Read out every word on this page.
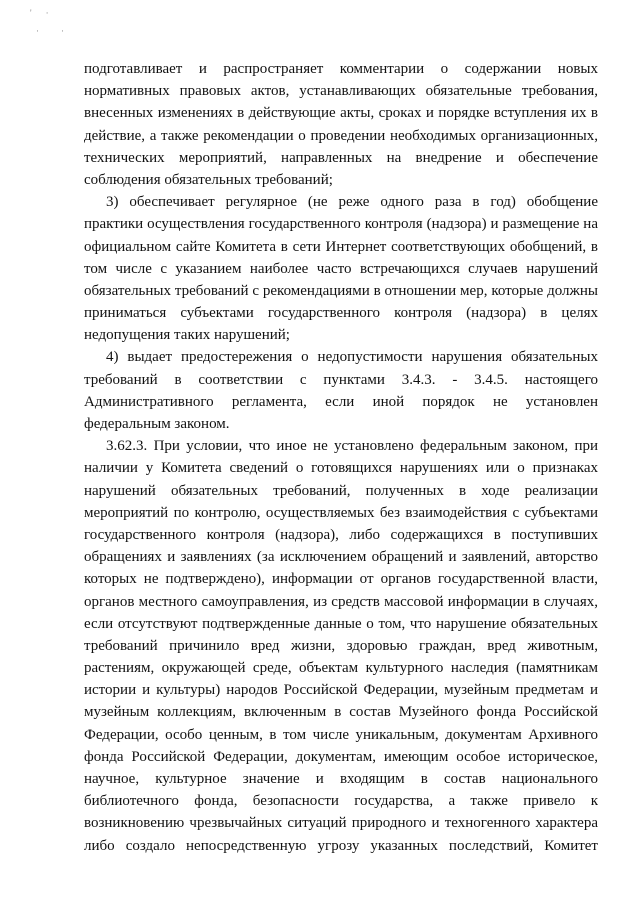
'·
··
подготавливает и распространяет комментарии о содержании новых
нормативных правовых актов, устанавливающих обязательные требования,
внесенных изменениях в действующие акты, сроках и порядке вступления их в
действие, а также рекомендации о проведении необходимых организационных,
технических мероприятий, направленных на внедрение и обеспечение
соблюдения обязательных требований;
3) обеспечивает регулярное (не реже одного раза в год) обобщение
практики осуществления государственного контроля (надзора) и размещение на
официальном сайте Комитета в сети Интернет соответствующих обобщений, в
том числе с указанием наиболее часто встречающихся случаев нарушений
обязательных требований с рекомендациями в отношении мер, которые должны
приниматься субъектами государственного контроля (надзора) в целях
недопущения таких нарушений;
4) выдает предостережения о недопустимости нарушения обязательных
требований в соответствии с пунктами 3.4.3. - 3.4.5. настоящего
Административного регламента, если иной порядок не установлен
федеральным законом.
3.62.3. При условии, что иное не установлено федеральным законом, при
наличии у Комитета сведений о готовящихся нарушениях или о признаках
нарушений обязательных требований, полученных в ходе реализации
мероприятий по контролю, осуществляемых без взаимодействия с субъектами
государственного контроля (надзора), либо содержащихся в поступивших
обращениях и заявлениях (за исключением обращений и заявлений, авторство
которых не подтверждено), информации от органов государственной власти,
органов местного самоуправления, из средств массовой информации в случаях,
если отсутствуют подтвержденные данные о том, что нарушение обязательных
требований причинило вред жизни, здоровью граждан, вред животным,
растениям, окружающей среде, объектам культурного наследия (памятникам
истории и культуры) народов Российской Федерации, музейным предметам и
музейным коллекциям, включенным в состав Музейного фонда Российской
Федерации, особо ценным, в том числе уникальным, документам Архивного
фонда Российской Федерации, документам, имеющим особое историческое,
научное, культурное значение и входящим в состав национального
библиотечного фонда, безопасности государства, а также привело к
возникновению чрезвычайных ситуаций природного и техногенного характера
либо создало непосредственную угрозу указанных последствий, Комитет
